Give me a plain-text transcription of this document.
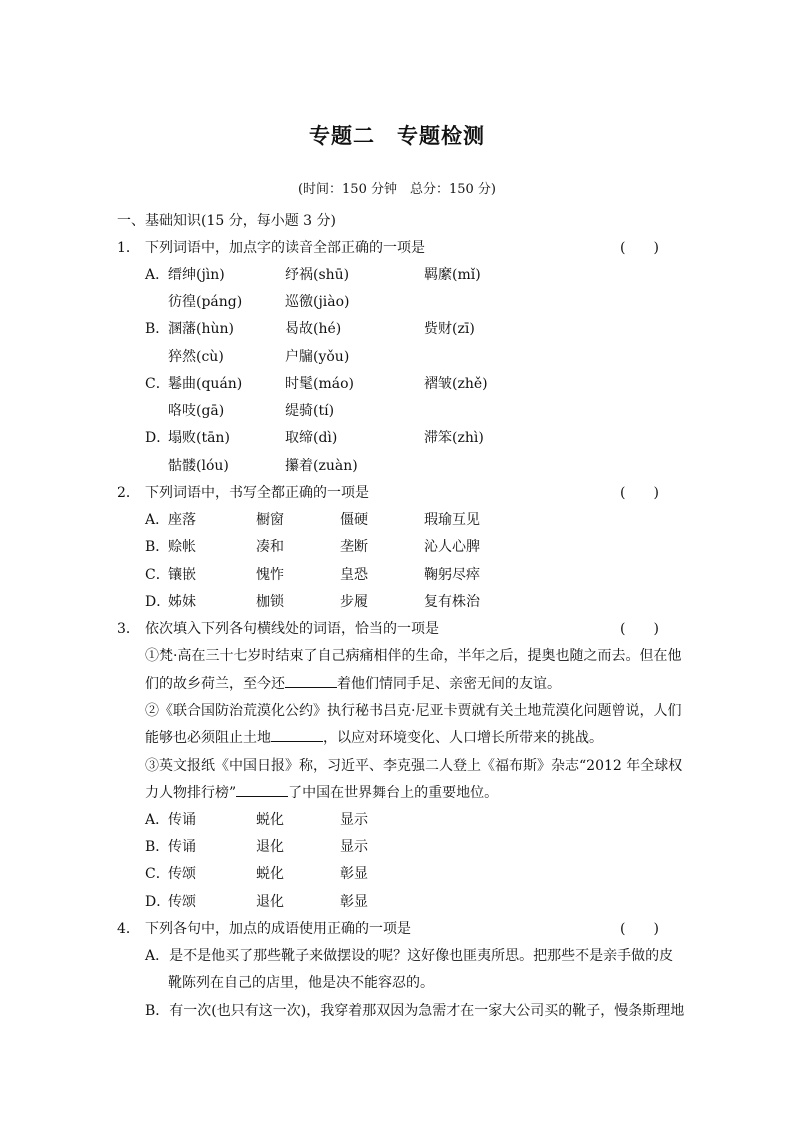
专题二　专题检测
(时间：150 分钟　总分：150 分)
一、基础知识(15 分，每小题 3 分)
1． 下列词语中，加点字的读音全部正确的一项是	(　　)
A．
缙绅(jìn)	纾祸(shū)	羁縻(mǐ)
彷徨(páng)	巡徼(jiào)
B．
溷藩(hùn)	曷故(hé)	赀财(zī)
猝然(cù)	户牖(yǒu)
C．
鬈曲(quán)	时髦(máo)	褶皱(zhě)
咯吱(gā)	缇骑(tí)
D．
塌败(tān)	取缔(dì)	滞笨(zhì)
骷髅(lóu)	攥着(zuàn)
2． 下列词语中，书写全都正确的一项是	(　　)
A．
座落	橱窗	僵硬	瑕瑜互见
B．
赊帐	凑和	垄断	沁人心脾
C．
镶嵌	愧怍	皇恐	鞠躬尽瘁
D．
姊妹	枷锁	步履	复有株治
3． 依次填入下列各句横线处的词语，恰当的一项是	(　　)
①梵·高在三十七岁时结束了自己病痛相伴的生命，半年之后，提奥也随之而去。但在他
们的故乡荷兰，至今还	着他们情同手足、亲密无间的友谊。
②《联合国防治荒漠化公约》执行秘书吕克·尼亚卡贾就有关土地荒漠化问题曾说，人们
能够也必须阻止土地	，以应对环境变化、人口增长所带来的挑战。
③英文报纸《中国日报》称，习近平、李克强二人登上《福布斯》杂志“2012 年全球权
力人物排行榜”	了中国在世界舞台上的重要地位。
A．
传诵	蜕化	显示
B．
传诵	退化	显示
C．
传颂	蜕化	彰显
D．
传颂	退化	彰显
4． 下列各句中，加点的成语使用正确的一项是	(　　)
A．是不是他买了那些靴子来做摆设的呢？这好像也匪夷所思。把那些不是亲手做的皮
靴陈列在自己的店里，他是决不能容忍的。
B．有一次(也只有这一次)，我穿着那双因为急需才在一家大公司买的靴子，慢条斯理地
